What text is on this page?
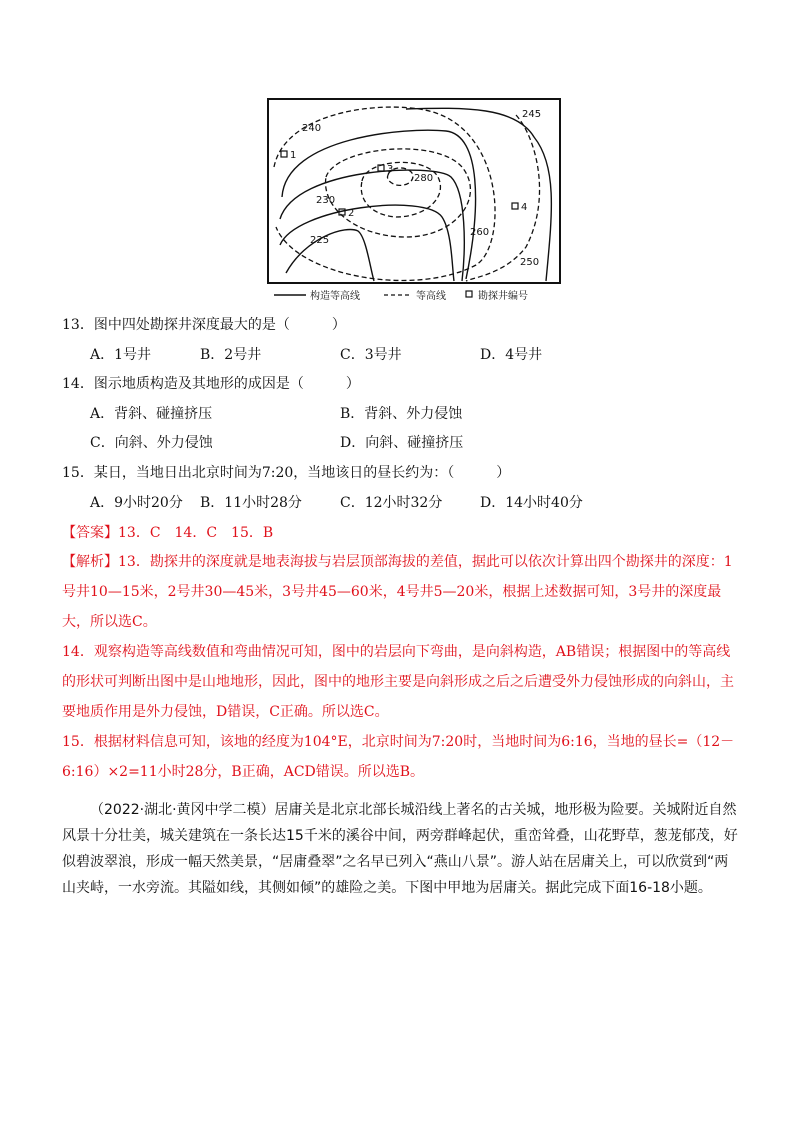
240
245
230
280
225
260
250
1
2
3
4
构造等高线	等高线	勘探井编号
13．图中四处勘探井深度最大的是（　　　）
A．1号井	B．2号井	C．3号井	D．4号井
14．图示地质构造及其地形的成因是（　　　）
A．背斜、碰撞挤压	B．背斜、外力侵蚀
C．向斜、外力侵蚀	D．向斜、碰撞挤压
15．某日，当地日出北京时间为7:20，当地该日的昼长约为：（　　　）
A．9小时20分 B．11小时28分	C．12小时32分	D．14小时40分
【答案】13．C　14．C　15．B

【解析】13．勘探井的深度就是地表海拔与岩层顶部海拔的差值，据此可以依次计算出四个勘探井的深度：1号井10—15米，2号井30—45米，3号井45—60米，4号井5—20米，根据上述数据可知，3号井的深度最大，所以选C。

14．观察构造等高线数值和弯曲情况可知，图中的岩层向下弯曲，是向斜构造，AB错误；根据图中的等高线的形状可判断出图中是山地地形，因此，图中的地形主要是向斜形成之后之后遭受外力侵蚀形成的向斜山，主要地质作用是外力侵蚀，D错误，C正确。所以选C。

15．根据材料信息可知，该地的经度为104°E，北京时间为7:20时，当地时间为6:16，当地的昼长=（12－6:16）×2=11小时28分，B正确，ACD错误。所以选B。

（2022·湖北·黄冈中学二模）居庸关是北京北部长城沿线上著名的古关城，地形极为险要。关城附近自然风景十分壮美，城关建筑在一条长达15千米的溪谷中间，两旁群峰起伏，重峦耸叠，山花野草，葱茏郁茂，好似碧波翠浪，形成一幅天然美景，“居庸叠翠”之名早已列入“燕山八景”。游人站在居庸关上，可以欣赏到“两山夹峙，一水旁流。其隘如线，其侧如倾”的雄险之美。下图中甲地为居庸关。据此完成下面16-18小题。
